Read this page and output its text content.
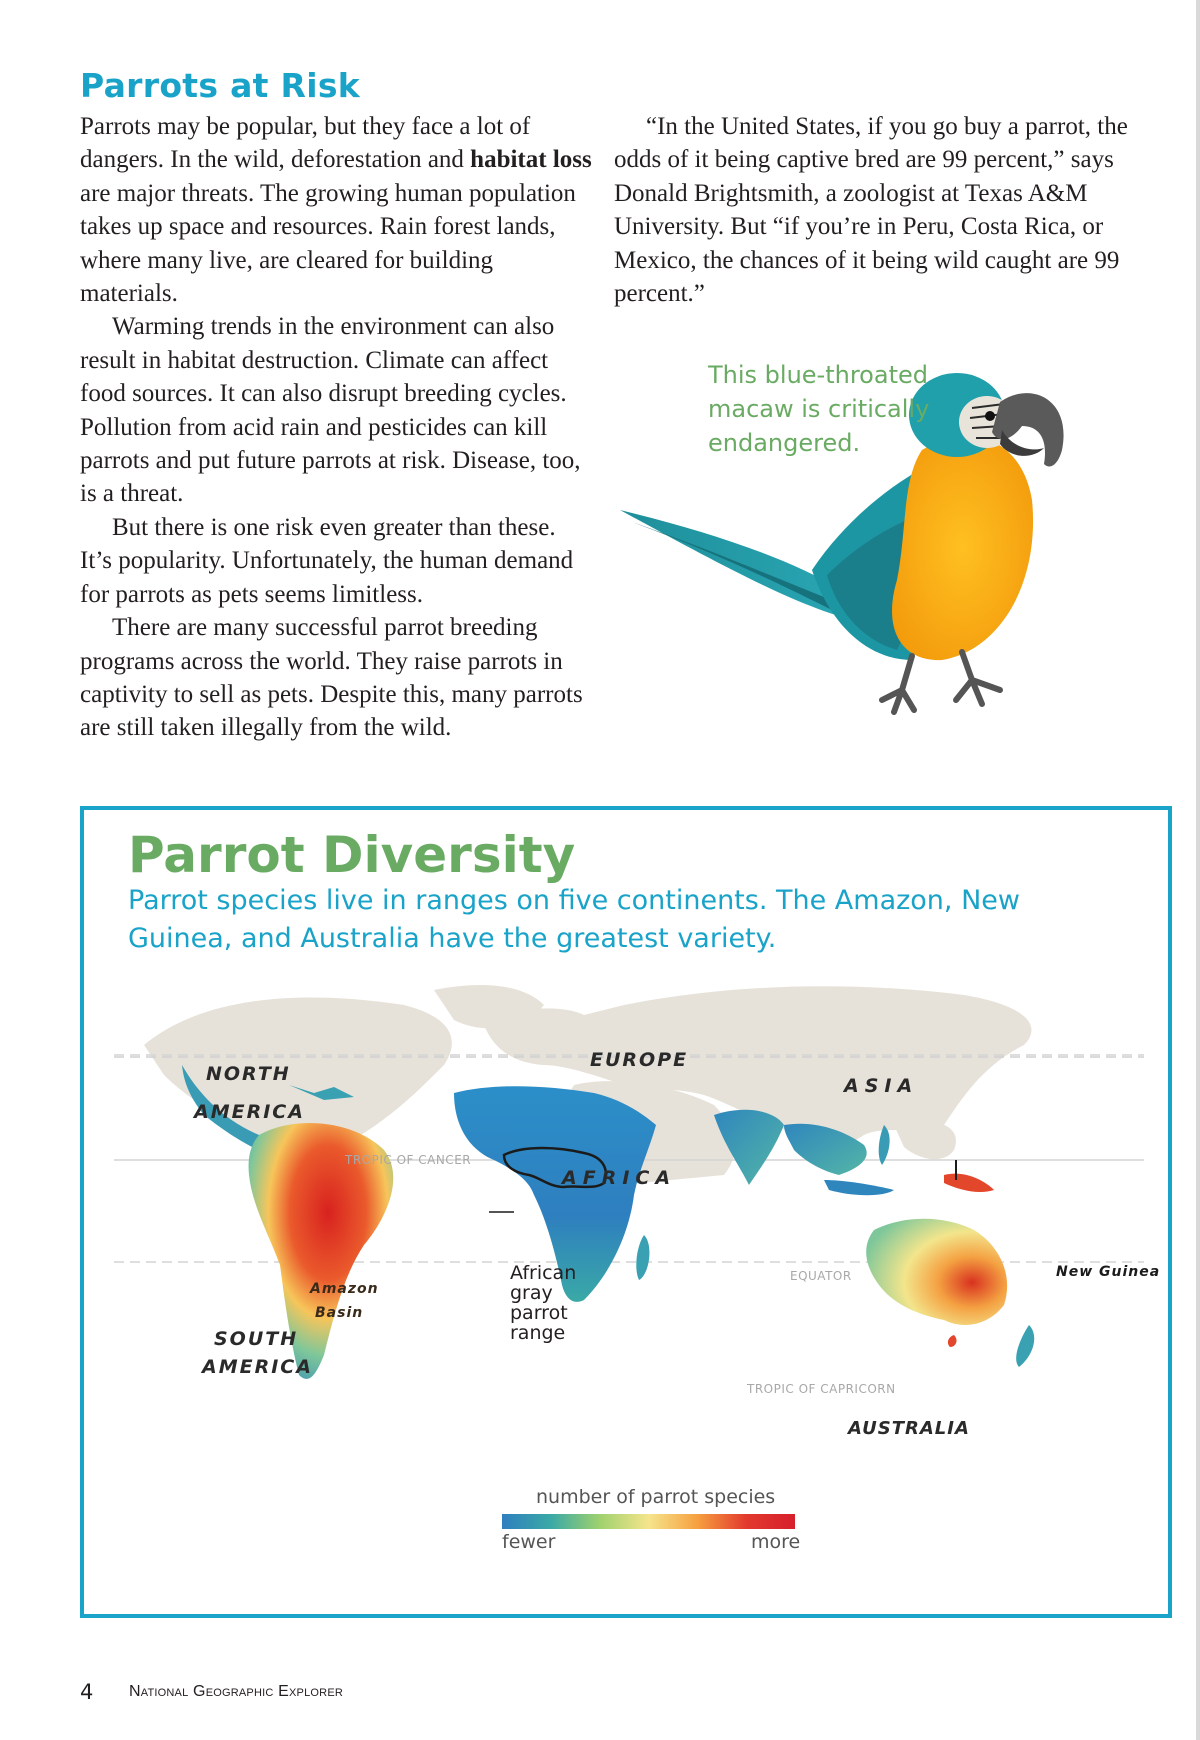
Parrots at Risk

Parrots may be popular, but they face a lot of dangers. In the wild, deforestation and habitat loss are major threats. The growing human population takes up space and resources. Rain forest lands, where many live, are cleared for building materials.

Warming trends in the environment can also result in habitat destruction. Climate can affect food sources. It can also disrupt breeding cycles. Pollution from acid rain and pesticides can kill parrots and put future parrots at risk. Disease, too, is a threat.

But there is one risk even greater than these. It’s popularity. Unfortunately, the human demand for parrots as pets seems limitless.

There are many successful parrot breeding programs across the world. They raise parrots in captivity to sell as pets. Despite this, many parrots are still taken illegally from the wild.

“In the United States, if you go buy a parrot, the odds of it being captive bred are 99 percent,” says Donald Brightsmith, a zoologist at Texas A&M University. But “if you’re in Peru, Costa Rica, or Mexico, the chances of it being wild caught are 99 percent.”

This blue-throated macaw is critically endangered.
Parrot Diversity

Parrot species live in ranges on five continents. The Amazon, New Guinea, and Australia have the greatest variety.

NORTH
AMERICA
EUROPE
ASIA
AFRICA
SOUTH
AMERICA
AUSTRALIA
Amazon
Basin
New Guinea
TROPIC OF CANCER
EQUATOR
TROPIC OF CAPRICORN
African
gray
parrot
range
number of parrot species
fewer	more
4 National Geographic Explorer
